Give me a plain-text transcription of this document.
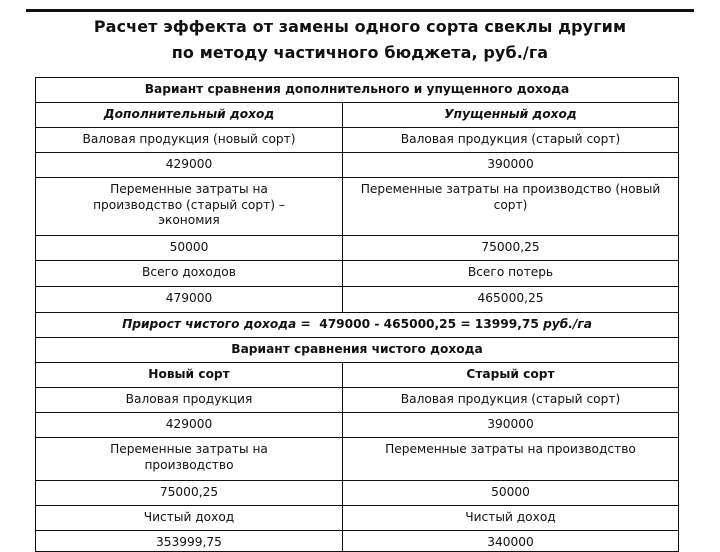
Расчет эффекта от замены одного сорта свеклы другим
по методу частичного бюджета, руб./га
Вариант сравнения дополнительного и упущенного дохода	
Дополнительный доход	Упущенный доход
Валовая продукция (новый сорт)	Валовая продукция (старый сорт)
429000	390000
Переменные затраты на производство (старый сорт) – экономия	Переменные затраты на производство (новый сорт)
50000	75000,25
Всего доходов	Всего потерь
479000	465000,25
Прирост чистого дохода = 479000 - 465000,25 = 13999,75 руб./га	
Вариант сравнения чистого дохода	
Новый сорт	Старый сорт
Валовая продукция	Валовая продукция (старый сорт)
429000	390000
Переменные затраты на производство	Переменные затраты на производство
75000,25	50000
Чистый доход	Чистый доход
353999,75	340000
